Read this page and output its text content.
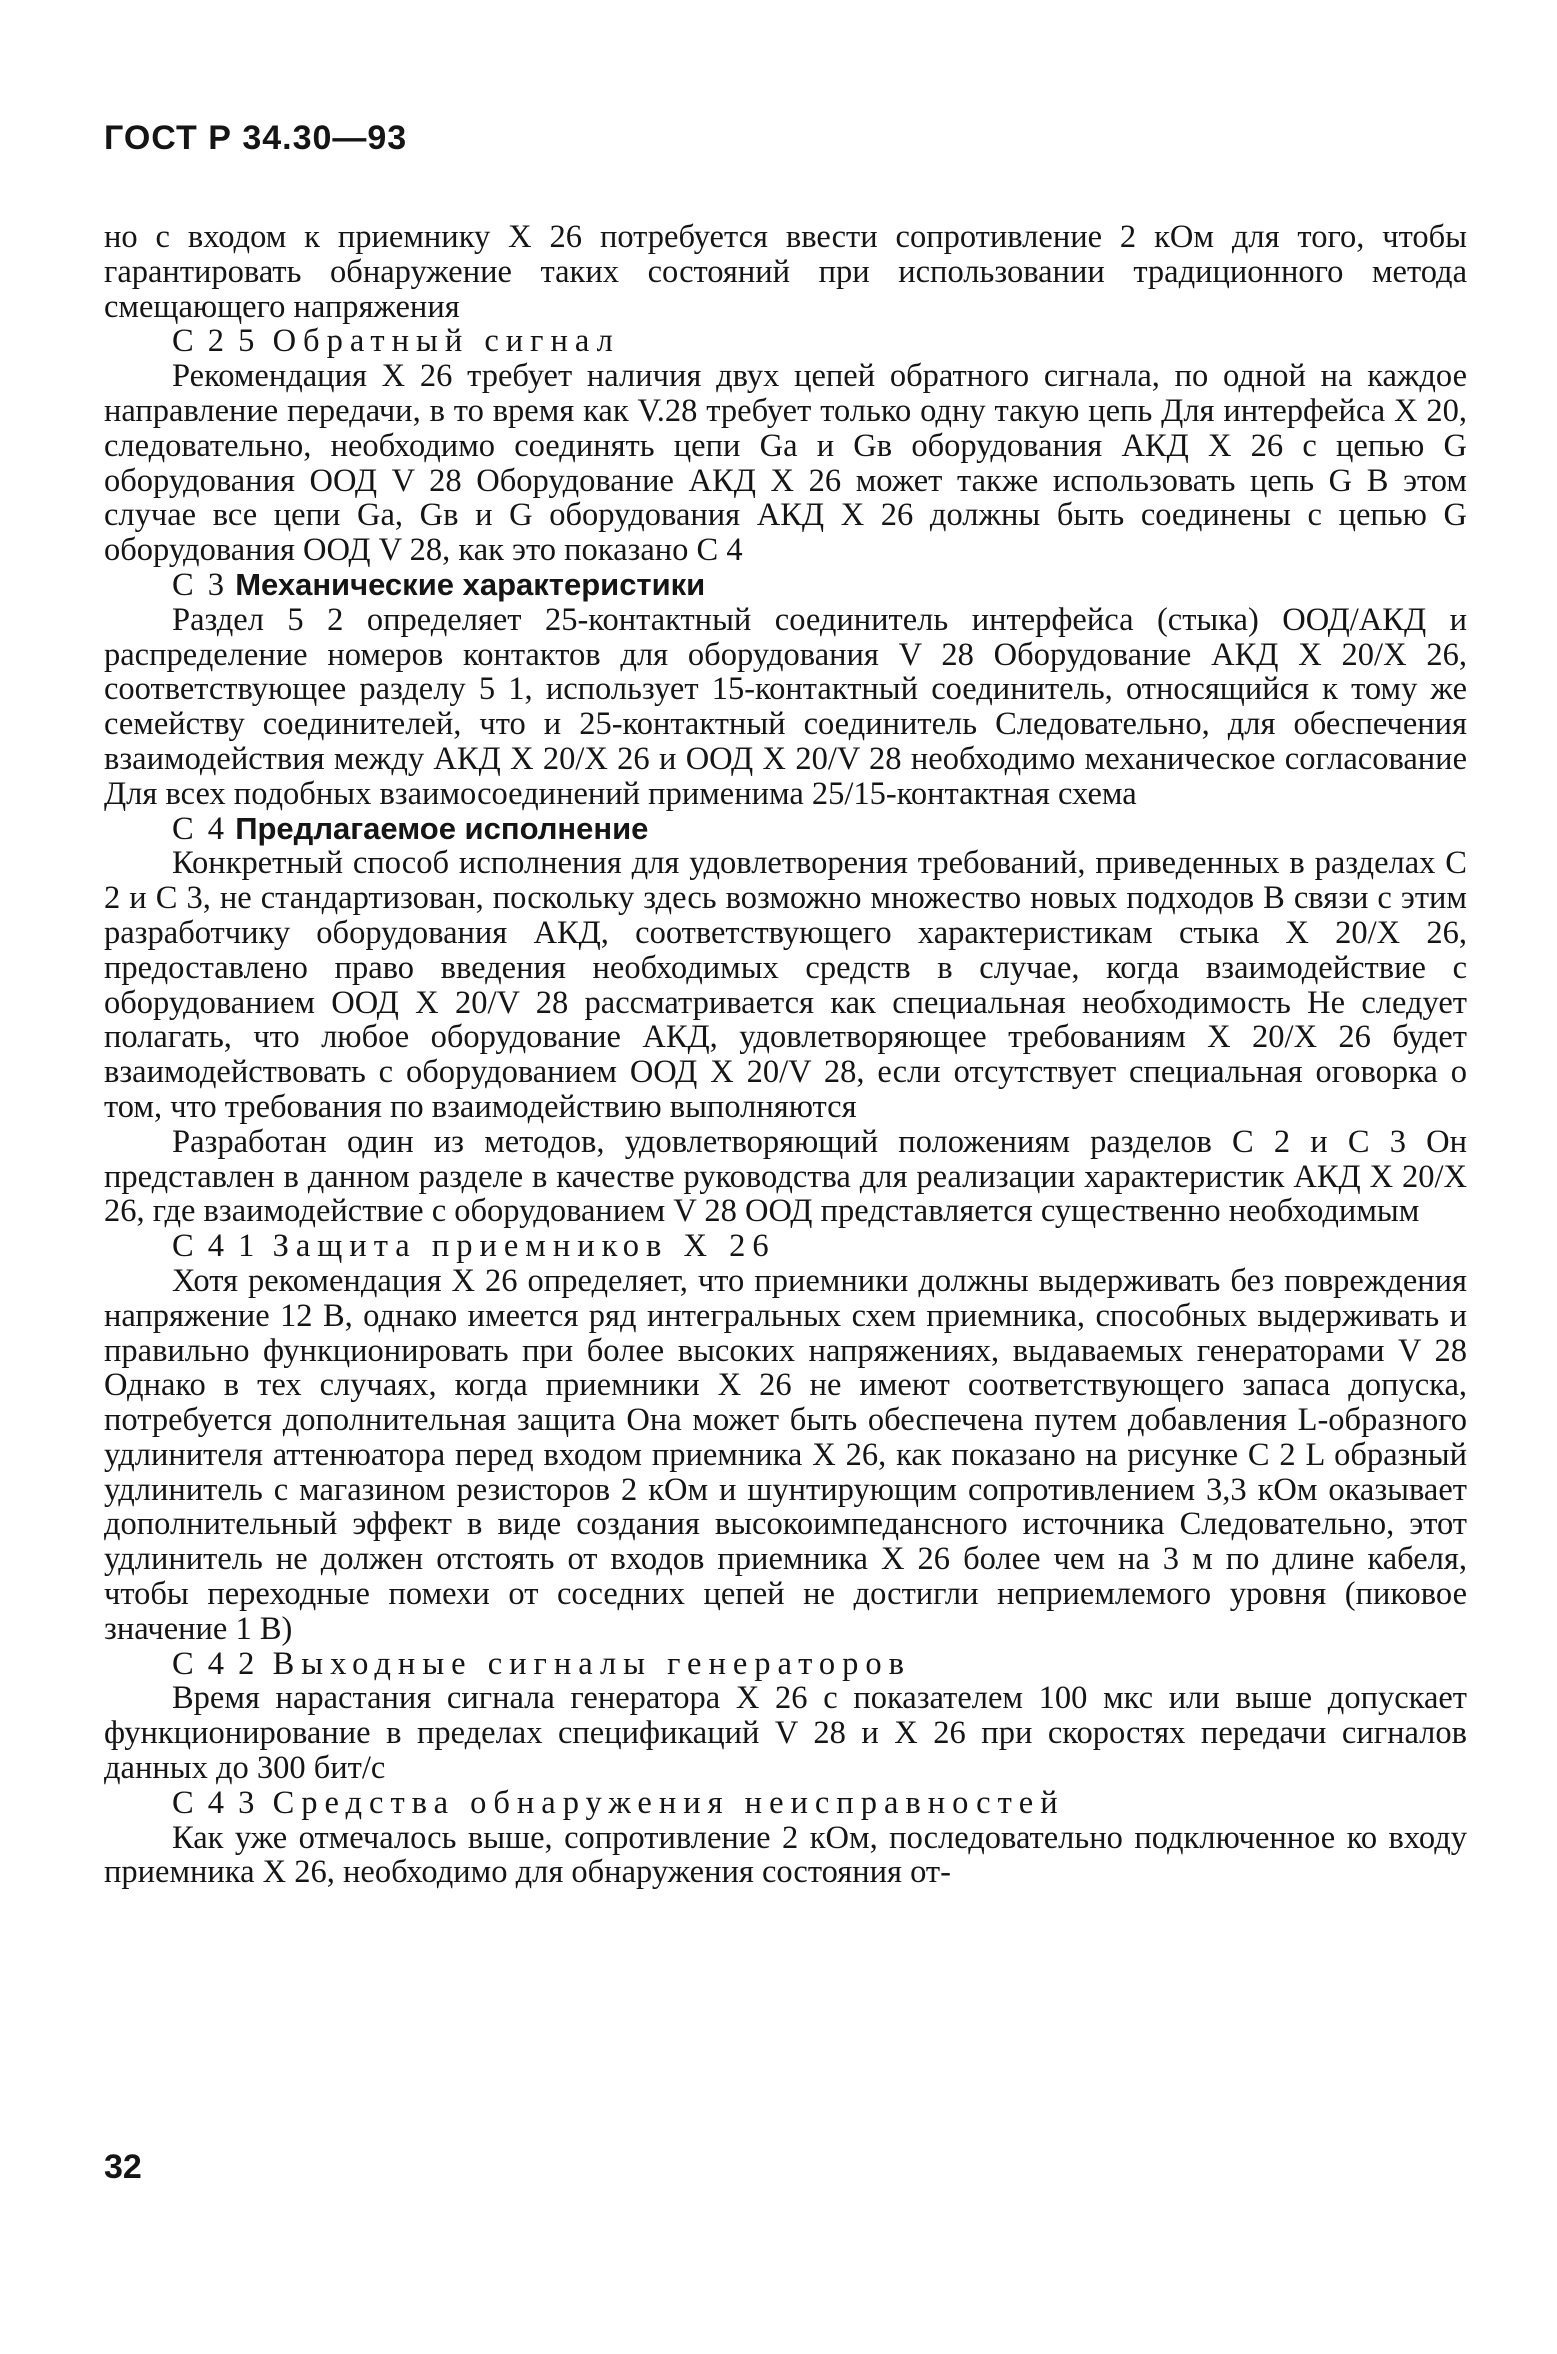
ГОСТ Р 34.30—93

но с входом к приемнику X 26 потребуется ввести сопротивление 2 кОм для того, чтобы гарантировать обнаружение таких состояний при использовании традиционного метода смещающего напряжения

С 2 5 Обратный сигнал

Рекомендация X 26 требует наличия двух цепей обратного сигнала, по одной на каждое направление передачи, в то время как V.28 требует только одну такую цепь Для интерфейса X 20, следовательно, необходимо соединять цепи Ga и Gв оборудования АКД X 26 с цепью G оборудования ООД V 28 Оборудование АКД X 26 может также использовать цепь G В этом случае все цепи Ga, Gв и G оборудования АКД X 26 должны быть соединены с цепью G оборудования ООД V 28, как это показано С 4

С 3 Механические характеристики

Раздел 5 2 определяет 25-контактный соединитель интерфейса (стыка) ООД/АКД и распределение номеров контактов для оборудования V 28 Оборудование АКД X 20/X 26, соответствующее разделу 5 1, использует 15-контактный соединитель, относящийся к тому же семейству соединителей, что и 25-контактный соединитель Следовательно, для обеспечения взаимодействия между АКД X 20/X 26 и ООД X 20/V 28 необходимо механическое согласование Для всех подобных взаимосоединений применима 25/15-контактная схема

С 4 Предлагаемое исполнение

Конкретный способ исполнения для удовлетворения требований, приведенных в разделах С 2 и С 3, не стандартизован, поскольку здесь возможно множество новых подходов В связи с этим разработчику оборудования АКД, соответствующего характеристикам стыка X 20/X 26, предоставлено право введения необходимых средств в случае, когда взаимодействие с оборудованием ООД X 20/V 28 рассматривается как специальная необходимость Не следует полагать, что любое оборудование АКД, удовлетворяющее требованиям X 20/X 26 будет взаимодействовать с оборудованием ООД X 20/V 28, если отсутствует специальная оговорка о том, что требования по взаимодействию выполняются

Разработан один из методов, удовлетворяющий положениям разделов С 2 и С 3 Он представлен в данном разделе в качестве руководства для реализации характеристик АКД X 20/X 26, где взаимодействие с оборудованием V 28 ООД представляется существенно необходимым

С 4 1 Защита приемников X 26

Хотя рекомендация X 26 определяет, что приемники должны выдерживать без повреждения напряжение 12 В, однако имеется ряд интегральных схем приемника, способных выдерживать и правильно функционировать при более высоких напряжениях, выдаваемых генераторами V 28 Однако в тех случаях, когда приемники X 26 не имеют соответствующего запаса допуска, потребуется дополнительная защита Она может быть обеспечена путем добавления L-образного удлинителя аттенюатора перед входом приемника X 26, как показано на рисунке С 2 L образный удлинитель с магазином резисторов 2 кОм и шунтирующим сопротивлением 3,3 кОм оказывает дополнительный эффект в виде создания высокоимпедансного источника Следовательно, этот удлинитель не должен отстоять от входов приемника X 26 более чем на 3 м по длине кабеля, чтобы переходные помехи от соседних цепей не достигли неприемлемого уровня (пиковое значение 1 В)

С 4 2 Выходные сигналы генераторов

Время нарастания сигнала генератора X 26 с показателем 100 мкс или выше допускает функционирование в пределах спецификаций V 28 и X 26 при скоростях передачи сигналов данных до 300 бит/с

С 4 3 Средства обнаружения неисправностей

Как уже отмечалось выше, сопротивление 2 кОм, последовательно подключенное ко входу приемника X 26, необходимо для обнаружения состояния от-

32
